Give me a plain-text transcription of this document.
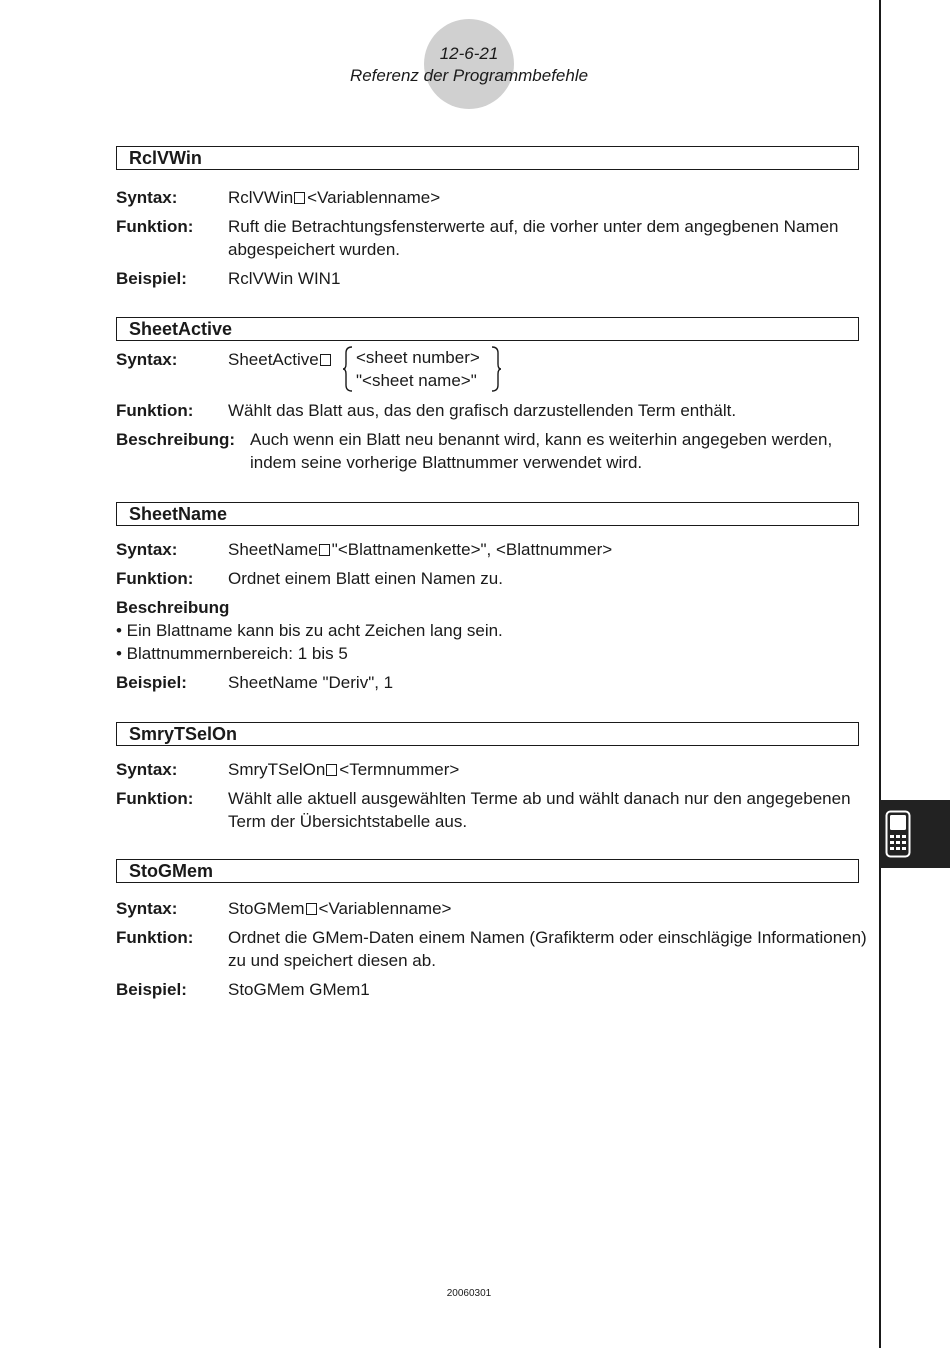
12-6-21
Referenz der Programmbefehle
RclVWin
Syntax:	RclVWin <Variablenname>
Funktion: Ruft die Betrachtungsfensterwerte auf, die vorher unter dem angegbenen Namen abgespeichert wurden.
Beispiel: RclVWin WIN1
SheetActive
Syntax:	SheetActive	<sheet number>
"<sheet name>"
Funktion: Wählt das Blatt aus, das den grafisch darzustellenden Term enthält.
Beschreibung: Auch wenn ein Blatt neu benannt wird, kann es weiterhin angegeben werden, indem seine vorherige Blattnummer verwendet wird.
SheetName
Syntax:	SheetName "<Blattnamenkette>", <Blattnummer>
Funktion: Ordnet einem Blatt einen Namen zu.
Beschreibung
• Ein Blattname kann bis zu acht Zeichen lang sein.
• Blattnummernbereich: 1 bis 5
Beispiel: SheetName "Deriv", 1
SmryTSelOn
Syntax:	SmryTSelOn <Termnummer>
Funktion: Wählt alle aktuell ausgewählten Terme ab und wählt danach nur den angegebenen Term der Übersichtstabelle aus.
StoGMem
Syntax:	StoGMem <Variablenname>
Funktion: Ordnet die GMem-Daten einem Namen (Grafikterm oder einschlägige Informationen) zu und speichert diesen ab.
Beispiel: StoGMem GMem1
20060301
